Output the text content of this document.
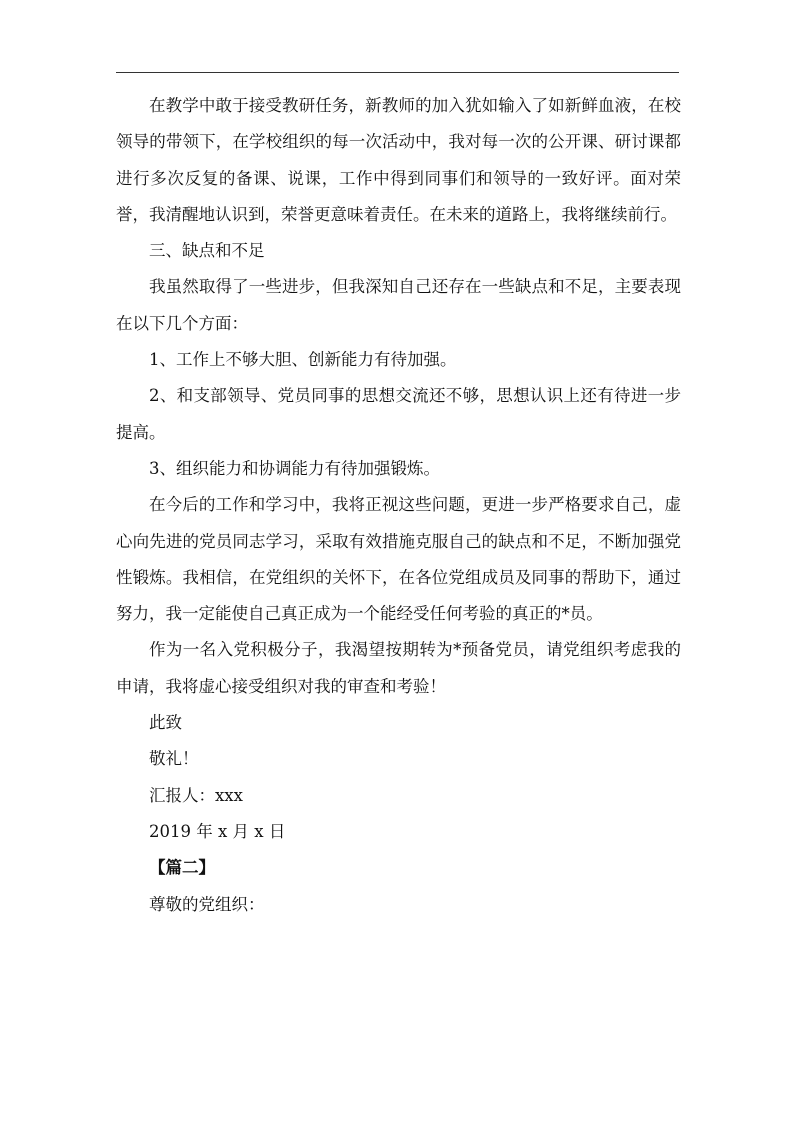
在教学中敢于接受教研任务，新教师的加入犹如输入了如新鲜血液，在校领导的带领下，在学校组织的每一次活动中，我对每一次的公开课、研讨课都进行多次反复的备课、说课，工作中得到同事们和领导的一致好评。面对荣誉，我清醒地认识到，荣誉更意味着责任。在未来的道路上，我将继续前行。

三、缺点和不足

我虽然取得了一些进步，但我深知自己还存在一些缺点和不足，主要表现在以下几个方面：

1、工作上不够大胆、创新能力有待加强。

2、和支部领导、党员同事的思想交流还不够，思想认识上还有待进一步提高。

3、组织能力和协调能力有待加强锻炼。

在今后的工作和学习中，我将正视这些问题，更进一步严格要求自己，虚心向先进的党员同志学习，采取有效措施克服自己的缺点和不足，不断加强党性锻炼。我相信，在党组织的关怀下，在各位党组成员及同事的帮助下，通过努力，我一定能使自己真正成为一个能经受任何考验的真正的*员。

作为一名入党积极分子，我渴望按期转为*预备党员，请党组织考虑我的申请，我将虚心接受组织对我的审查和考验！

此致

敬礼！

汇报人：xxx

2019 年 x 月 x 日

【篇二】

尊敬的党组织：
